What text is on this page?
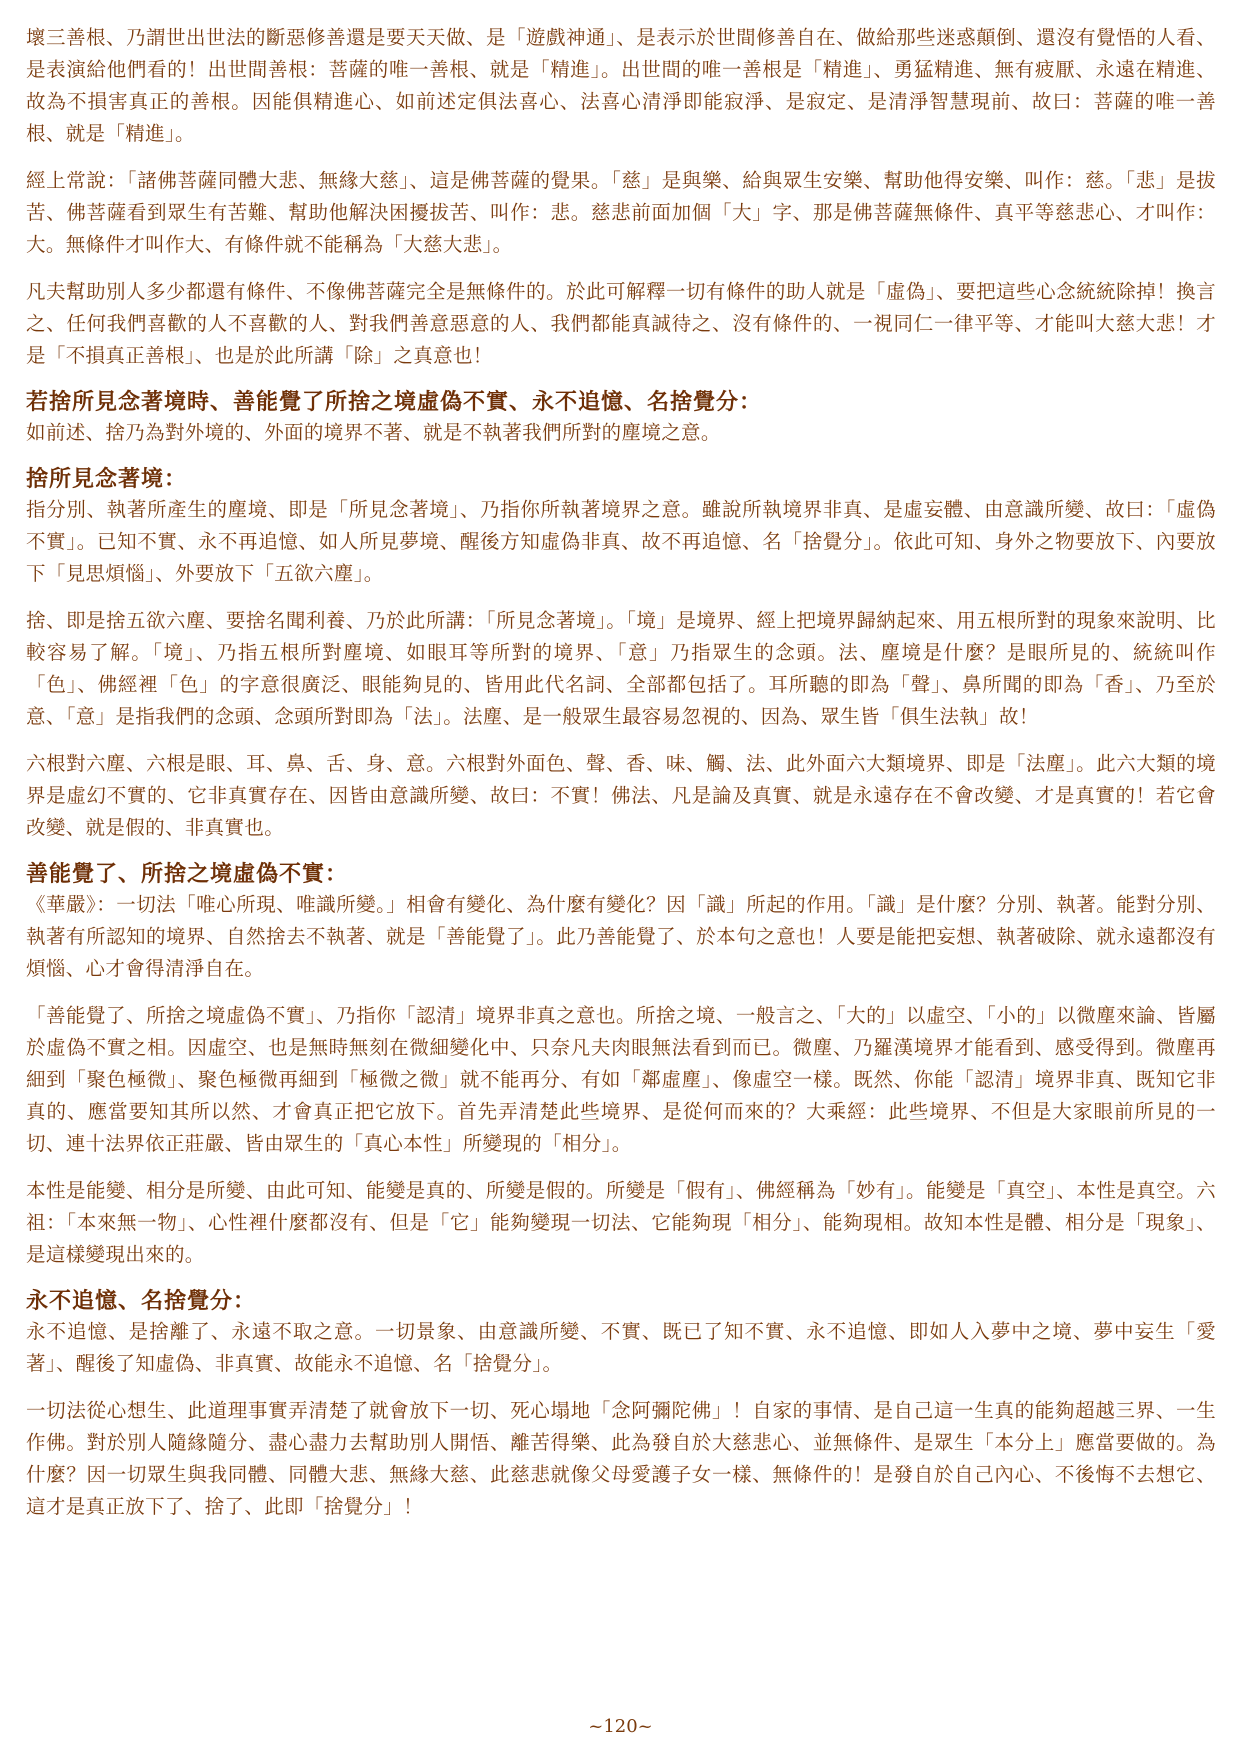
壞三善根、乃謂世出世法的斷惡修善還是要天天做、是「遊戲神通」、是表示於世間修善自在、做給那些迷惑顛倒、還沒有覺悟的人看、是表演給他們看的！出世間善根：菩薩的唯一善根、就是「精進」。出世間的唯一善根是「精進」、勇猛精進、無有疲厭、永遠在精進、故為不損害真正的善根。因能俱精進心、如前述定俱法喜心、法喜心清淨即能寂淨、是寂定、是清淨智慧現前、故曰：菩薩的唯一善根、就是「精進」。

經上常說：「諸佛菩薩同體大悲、無緣大慈」、這是佛菩薩的覺果。「慈」是與樂、給與眾生安樂、幫助他得安樂、叫作：慈。「悲」是拔苦、佛菩薩看到眾生有苦難、幫助他解決困擾拔苦、叫作：悲。慈悲前面加個「大」字、那是佛菩薩無條件、真平等慈悲心、才叫作：大。無條件才叫作大、有條件就不能稱為「大慈大悲」。

凡夫幫助別人多少都還有條件、不像佛菩薩完全是無條件的。於此可解釋一切有條件的助人就是「虛偽」、要把這些心念統統除掉！換言之、任何我們喜歡的人不喜歡的人、對我們善意惡意的人、我們都能真誠待之、沒有條件的、一視同仁一律平等、才能叫大慈大悲！才是「不損真正善根」、也是於此所講「除」之真意也！

若捨所見念著境時、善能覺了所捨之境虛偽不實、永不追憶、名捨覺分：

如前述、捨乃為對外境的、外面的境界不著、就是不執著我們所對的塵境之意。

捨所見念著境：

指分別、執著所產生的塵境、即是「所見念著境」、乃指你所執著境界之意。雖說所執境界非真、是虛妄體、由意識所變、故曰：「虛偽不實」。已知不實、永不再追憶、如人所見夢境、醒後方知虛偽非真、故不再追憶、名「捨覺分」。依此可知、身外之物要放下、內要放下「見思煩惱」、外要放下「五欲六塵」。

捨、即是捨五欲六塵、要捨名聞利養、乃於此所講：「所見念著境」。「境」是境界、經上把境界歸納起來、用五根所對的現象來說明、比較容易了解。「境」、乃指五根所對塵境、如眼耳等所對的境界、「意」乃指眾生的念頭。法、塵境是什麼？是眼所見的、統統叫作「色」、佛經裡「色」的字意很廣泛、眼能夠見的、皆用此代名詞、全部都包括了。耳所聽的即為「聲」、鼻所聞的即為「香」、乃至於意、「意」是指我們的念頭、念頭所對即為「法」。法塵、是一般眾生最容易忽視的、因為、眾生皆「俱生法執」故！

六根對六塵、六根是眼、耳、鼻、舌、身、意。六根對外面色、聲、香、味、觸、法、此外面六大類境界、即是「法塵」。此六大類的境界是虛幻不實的、它非真實存在、因皆由意識所變、故曰：不實！佛法、凡是論及真實、就是永遠存在不會改變、才是真實的！若它會改變、就是假的、非真實也。

善能覺了、所捨之境虛偽不實：

《華嚴》：一切法「唯心所現、唯識所變。」相會有變化、為什麼有變化？因「識」所起的作用。「識」是什麼？分別、執著。能對分別、執著有所認知的境界、自然捨去不執著、就是「善能覺了」。此乃善能覺了、於本句之意也！人要是能把妄想、執著破除、就永遠都沒有煩惱、心才會得清淨自在。

「善能覺了、所捨之境虛偽不實」、乃指你「認清」境界非真之意也。所捨之境、一般言之、「大的」以虛空、「小的」以微塵來論、皆屬於虛偽不實之相。因虛空、也是無時無刻在微細變化中、只奈凡夫肉眼無法看到而已。微塵、乃羅漢境界才能看到、感受得到。微塵再細到「聚色極微」、聚色極微再細到「極微之微」就不能再分、有如「鄰虛塵」、像虛空一樣。既然、你能「認清」境界非真、既知它非真的、應當要知其所以然、才會真正把它放下。首先弄清楚此些境界、是從何而來的？大乘經：此些境界、不但是大家眼前所見的一切、連十法界依正莊嚴、皆由眾生的「真心本性」所變現的「相分」。

本性是能變、相分是所變、由此可知、能變是真的、所變是假的。所變是「假有」、佛經稱為「妙有」。能變是「真空」、本性是真空。六祖：「本來無一物」、心性裡什麼都沒有、但是「它」能夠變現一切法、它能夠現「相分」、能夠現相。故知本性是體、相分是「現象」、是這樣變現出來的。

永不追憶、名捨覺分：

永不追憶、是捨離了、永遠不取之意。一切景象、由意識所變、不實、既已了知不實、永不追憶、即如人入夢中之境、夢中妄生「愛著」、醒後了知虛偽、非真實、故能永不追憶、名「捨覺分」。

一切法從心想生、此道理事實弄清楚了就會放下一切、死心塌地「念阿彌陀佛」！自家的事情、是自己這一生真的能夠超越三界、一生作佛。對於別人隨緣隨分、盡心盡力去幫助別人開悟、離苦得樂、此為發自於大慈悲心、並無條件、是眾生「本分上」應當要做的。為什麼？因一切眾生與我同體、同體大悲、無緣大慈、此慈悲就像父母愛護子女一樣、無條件的！是發自於自己內心、不後悔不去想它、這才是真正放下了、捨了、此即「捨覺分」！

~120~
